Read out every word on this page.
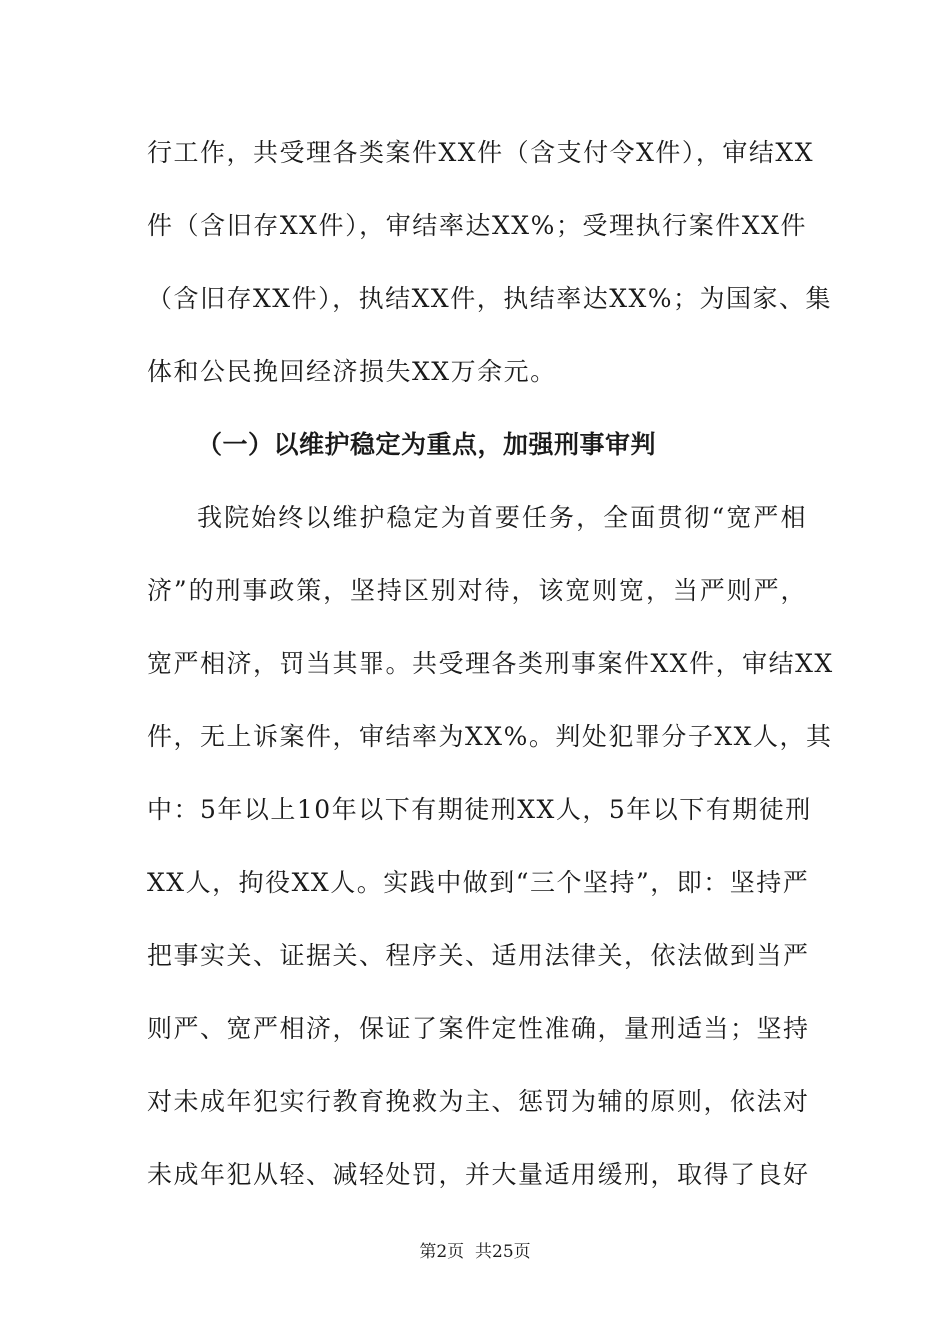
行工作，共受理各类案件XX件（含支付令X件），审结XX
件（含旧存XX件），审结率达XX%；受理执行案件XX件
（含旧存XX件），执结XX件，执结率达XX%；为国家、集
体和公民挽回经济损失XX万余元。
（一）以维护稳定为重点，加强刑事审判
我院始终以维护稳定为首要任务，全面贯彻“宽严相
济”的刑事政策，坚持区别对待，该宽则宽，当严则严，
宽严相济，罚当其罪。共受理各类刑事案件XX件，审结XX
件，无上诉案件，审结率为XX%。判处犯罪分子XX人，其
中：5年以上10年以下有期徒刑XX人，5年以下有期徒刑
XX人，拘役XX人。实践中做到“三个坚持”，即：坚持严
把事实关、证据关、程序关、适用法律关，依法做到当严
则严、宽严相济，保证了案件定性准确，量刑适当；坚持
对未成年犯实行教育挽救为主、惩罚为辅的原则，依法对
未成年犯从轻、减轻处罚，并大量适用缓刑，取得了良好
第2页 共25页
